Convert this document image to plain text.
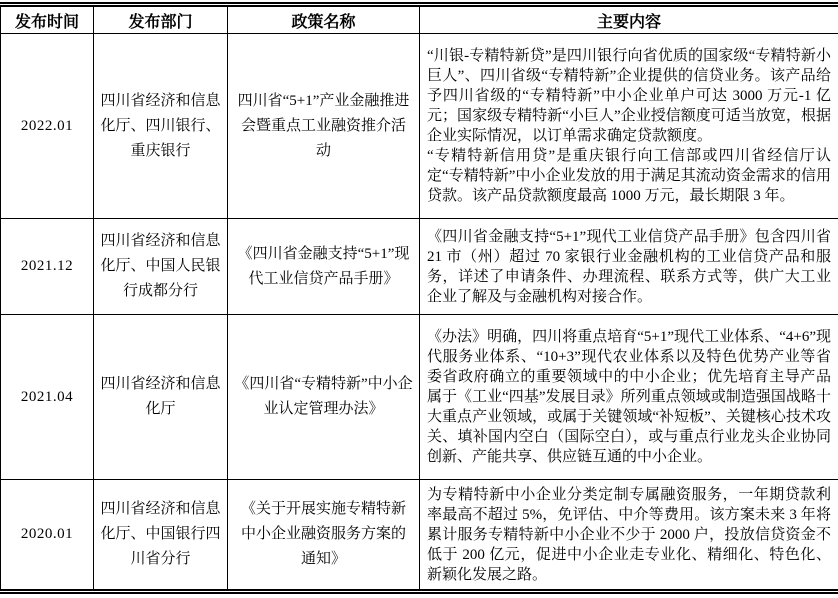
发布时间	发布部门	政策名称	主要内容
2022.01	四川省经济和信息化厅、四川银行、重庆银行	四川省“5+1”产业金融推进会暨重点工业融资推介活动	“川银-专精特新贷”是四川银行向省优质的国家级“专精特新小巨人”、四川省级“专精特新”企业提供的信贷业务。该产品给予四川省级的“专精特新”中小企业单户可达 3000 万元-1 亿元；国家级专精特新“小巨人”企业授信额度可适当放宽，根据企业实际情况，以订单需求确定贷款额度。

“专精特新信用贷”是重庆银行向工信部或四川省经信厅认定“专精特新”中小企业发放的用于满足其流动资金需求的信用贷款。该产品贷款额度最高 1000 万元，最长期限 3 年。

2021.12	四川省经济和信息化厅、中国人民银行成都分行	《四川省金融支持“5+1”现代工业信贷产品手册》	《四川省金融支持“5+1”现代工业信贷产品手册》包含四川省 21 市（州）超过 70 家银行业金融机构的工业信贷产品和服务，详述了申请条件、办理流程、联系方式等，供广大工业企业了解及与金融机构对接合作。

2021.04	四川省经济和信息化厅	《四川省“专精特新”中小企业认定管理办法》	《办法》明确，四川将重点培育“5+1”现代工业体系、“4+6”现代服务业体系、“10+3”现代农业体系以及特色优势产业等省委省政府确立的重要领域中的中小企业；优先培育主导产品属于《工业“四基”发展目录》所列重点领域或制造强国战略十大重点产业领域，或属于关键领域“补短板”、关键核心技术攻关、填补国内空白（国际空白），或与重点行业龙头企业协同创新、产能共享、供应链互通的中小企业。

2020.01	四川省经济和信息化厅、中国银行四川省分行	《关于开展实施专精特新中小企业融资服务方案的通知》	为专精特新中小企业分类定制专属融资服务，一年期贷款利率最高不超过 5%，免评估、中介等费用。该方案未来 3 年将累计服务专精特新中小企业不少于 2000 户，投放信贷资金不低于 200 亿元，促进中小企业走专业化、精细化、特色化、新颖化发展之路。
